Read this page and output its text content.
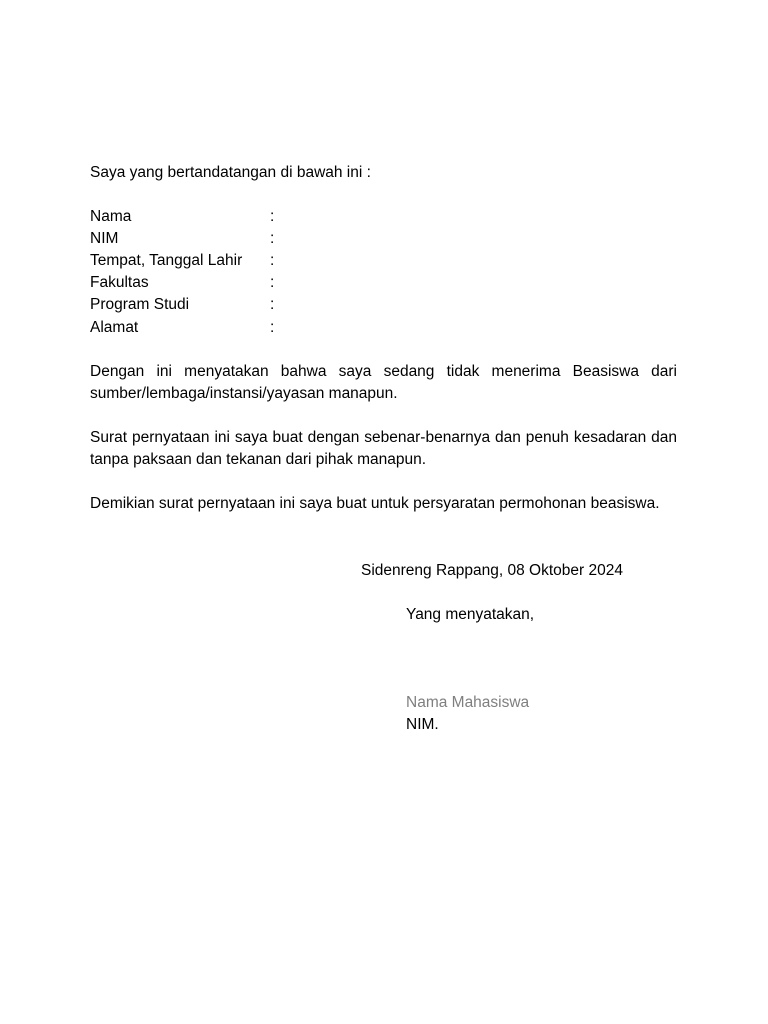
Saya yang bertandatangan di bawah ini :
Nama	:
NIM	:
Tempat, Tanggal Lahir :
Fakultas	:
Program Studi	:
Alamat	:
Dengan ini menyatakan bahwa saya sedang tidak menerima Beasiswa dari sumber/lembaga/instansi/yayasan manapun.
Surat pernyataan ini saya buat dengan sebenar-benarnya dan penuh kesadaran dan tanpa paksaan dan tekanan dari pihak manapun.
Demikian surat pernyataan ini saya buat untuk persyaratan permohonan beasiswa.
Sidenreng Rappang, 08 Oktober 2024
Yang menyatakan,
Nama Mahasiswa
NIM.
